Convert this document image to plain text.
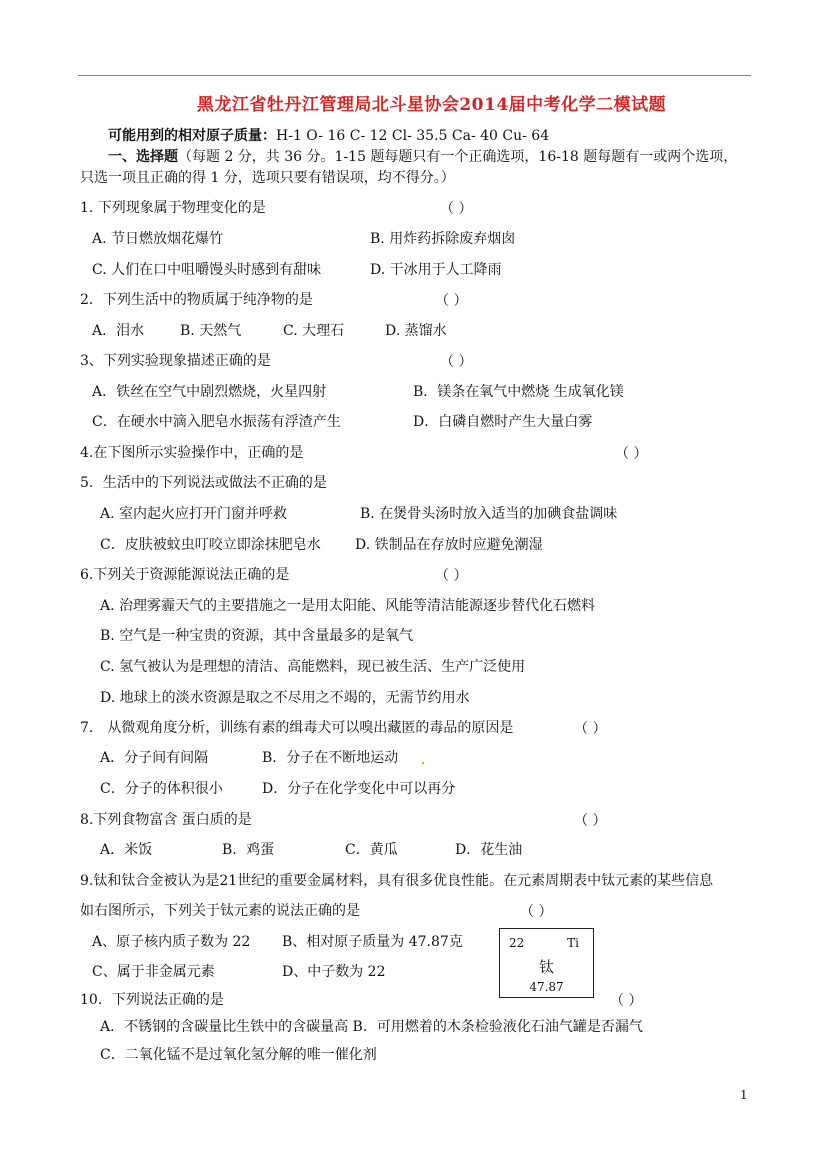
黑龙江省牡丹江管理局北斗星协会2014届中考化学二模试题
可能用到的相对原子质量：H-1 O- 16 C- 12 Cl- 35.5 Ca- 40 Cu- 64
一、选择题（每题 2 分，共 36 分。1-15 题每题只有一个正确选项，16-18 题每题有一或两个选项，
只选一项且正确的得 1 分，选项只要有错误项，均不得分。）
1. 下列现象属于物理变化的是	（ ）
A. 节日燃放烟花爆竹	B. 用炸药拆除废弃烟囱
C. 人们在口中咀嚼馒头时感到有甜味	D. 干冰用于人工降雨
2．下列生活中的物质属于纯净物的是	（ ）
A．泪水	B. 天然气	C. 大理石	D. 蒸馏水
3、下列实验现象描述正确的是	（ ）
A．铁丝在空气中剧烈燃烧，火星四射	B．镁条在氧气中燃烧 生成氧化镁
C．在硬水中滴入肥皂水振荡有浮渣产生	D．白磷自燃时产生大量白雾
4.在下图所示实验操作中，正确的是	（ ）
5．生活中的下列说法或做法不正确的是
A. 室内起火应打开门窗并呼救	B. 在煲骨头汤时放入适当的加碘食盐调味
C．皮肤被蚊虫叮咬立即涂抹肥皂水 D. 铁制品在存放时应避免潮湿
6.下列关于资源能源说法正确的是	（ ）
A. 治理雾霾天气的主要措施之一是用太阳能、风能等清洁能源逐步替代化石燃料
B. 空气是一种宝贵的资源，其中含量最多的是氧气
C. 氢气被认为是理想的清洁、高能燃料，现已被生活、生产广泛使用
D. 地球上的淡水资源是取之不尽用之不竭的，无需节约用水
7． 从微观角度分析，训练有素的缉毒犬可以嗅出藏匿的毒品的原因是	（ ）
A．分子间有间隔	B．分子在不断地运动
C．分子的体积很小	D．分子在化学变化中可以再分
8.下列食物富含 蛋白质的是	（ ）
A．米饭	B．鸡蛋	C．黄瓜	D．花生油
9.钛和钛合金被认为是21世纪的重要金属材料，具有很多优良性能。在元素周期表中钛元素的某些信息
如右图所示，下列关于钛元素的说法正确的是	（ ）
A、原子核内质子数为 22 B、相对原子质量为 47.87克
C、属于非金属元素	D、中子数为 22
22	Ti
钛
47.87
10．下列说法正确的是	（ ）
A．不锈钢的含碳量比生铁中的含碳量高 B．可用燃着的木条检验液化石油气罐是否漏气
C．二氧化锰不是过氧化氢分解的唯一催化剂
1
